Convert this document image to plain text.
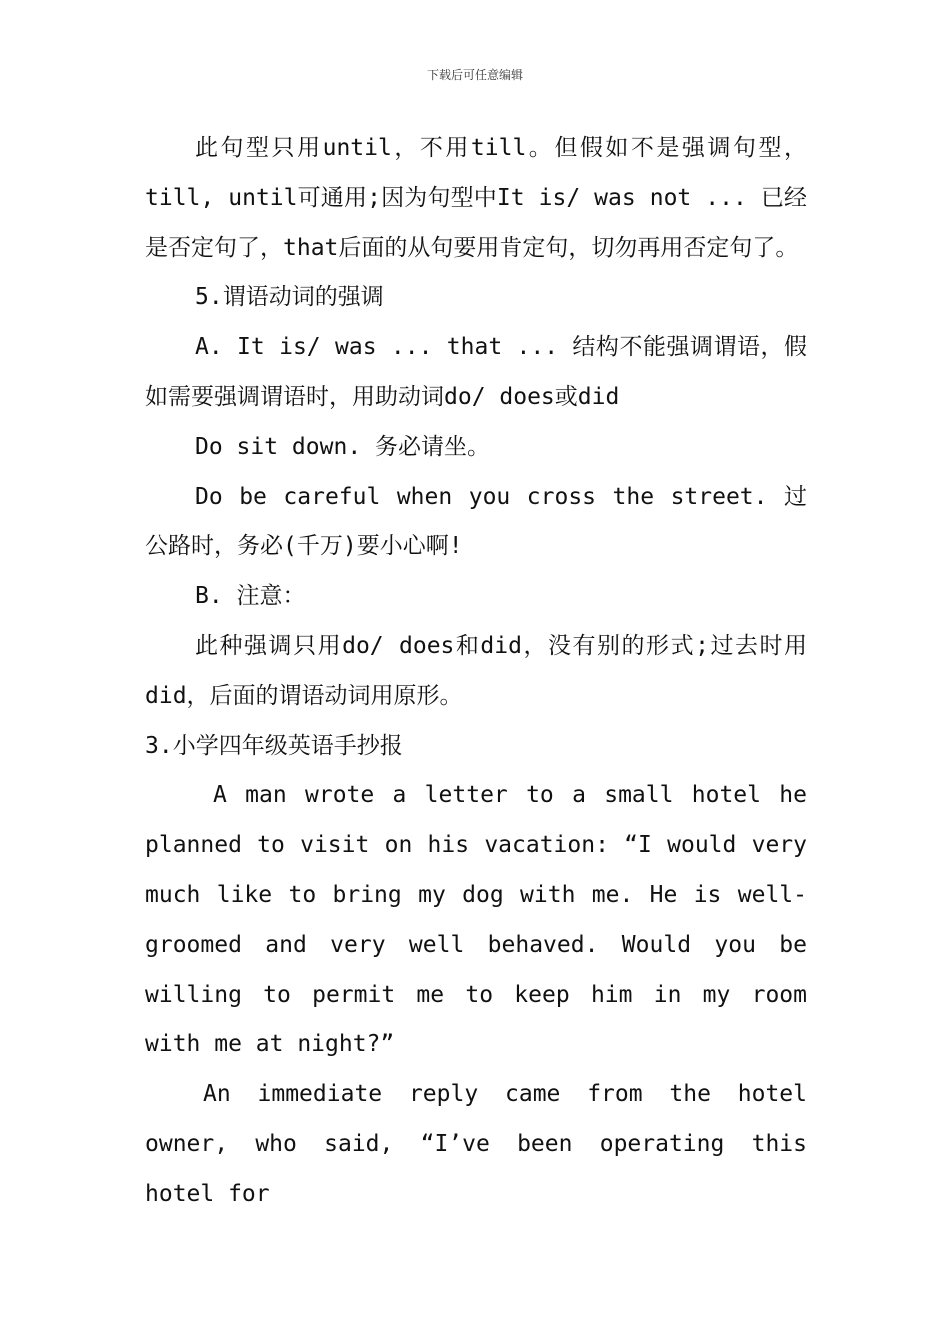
下载后可任意编辑

此句型只用until，不用till。但假如不是强调句型，till, until可通用;因为句型中It is/ was not ... 已经是否定句了，that后面的从句要用肯定句，切勿再用否定句了。

5.谓语动词的强调

A. It is/ was ... that ... 结构不能强调谓语，假如需要强调谓语时，用助动词do/ does或did

Do sit down. 务必请坐。

Do be careful when you cross the street. 过公路时，务必(千万)要小心啊!

B. 注意：

此种强调只用do/ does和did，没有别的形式;过去时用did，后面的谓语动词用原形。

3.小学四年级英语手抄报

A man wrote a letter to a small hotel he planned to visit on his vacation: “I would very much like to bring my dog with me. He is well-groomed and very well behaved. Would you be willing to permit me to keep him in my room with me at night?”

An immediate reply came from the hotel owner, who said, “I’ve been operating this hotel for
